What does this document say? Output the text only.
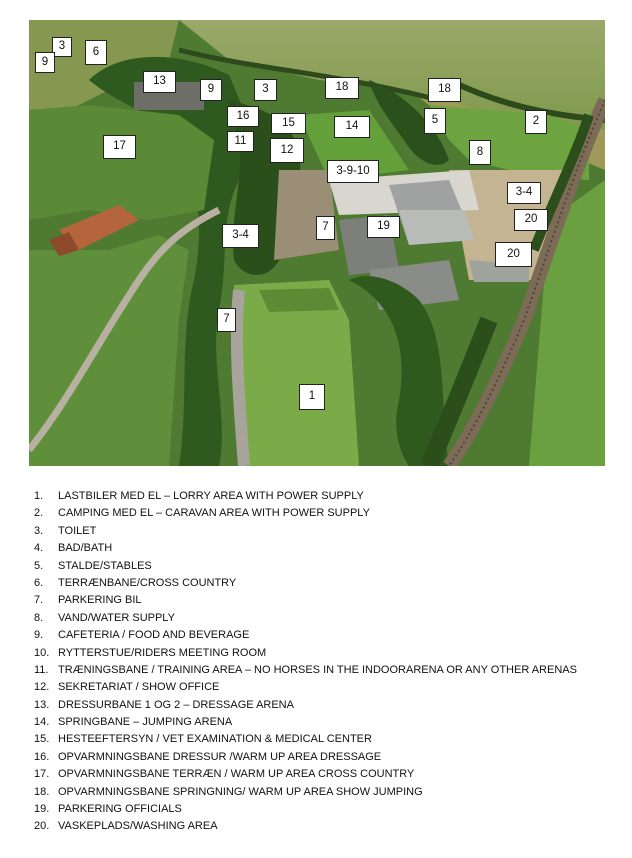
3
9
6
13
9	3	18	18
2
5
16
15	14
11
12
17	8
3-9-10
3-4
20
7	19
3-4
20
7
1
1.	LASTBILER MED EL – LORRY AREA WITH POWER SUPPLY
2.	CAMPING MED EL – CARAVAN AREA WITH POWER SUPPLY
3.	TOILET
4.	BAD/BATH
5.	STALDE/STABLES
6.	TERRÆNBANE/CROSS COUNTRY
7.	PARKERING BIL
8.	VAND/WATER SUPPLY
9.	CAFETERIA / FOOD AND BEVERAGE
10. RYTTERSTUE/RIDERS MEETING ROOM
11. TRÆNINGSBANE / TRAINING AREA – NO HORSES IN THE INDOORARENA OR ANY OTHER ARENAS
12. SEKRETARIAT / SHOW OFFICE
13. DRESSURBANE 1 OG 2 – DRESSAGE ARENA
14. SPRINGBANE – JUMPING ARENA
15. HESTEEFTERSYN / VET EXAMINATION & MEDICAL CENTER
16. OPVARMNINGSBANE DRESSUR /WARM UP AREA DRESSAGE
17. OPVARMNINGSBANE TERRÆN / WARM UP AREA CROSS COUNTRY
18. OPVARMNINGSBANE SPRINGNING/ WARM UP AREA SHOW JUMPING
19. PARKERING OFFICIALS
20. VASKEPLADS/WASHING AREA
